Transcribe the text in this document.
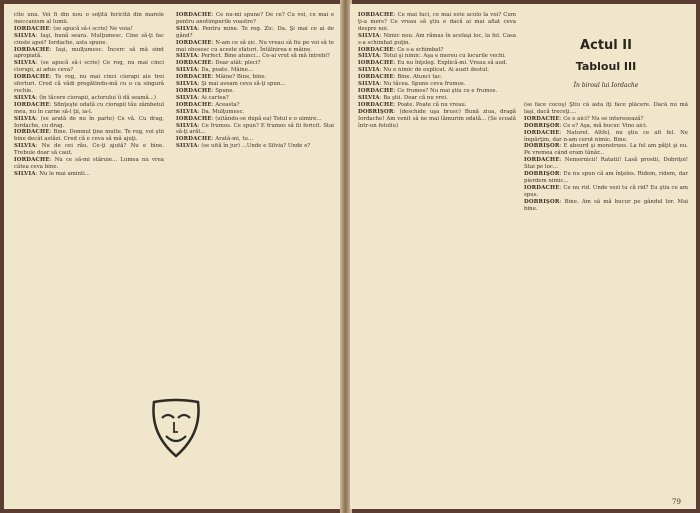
cite una. Vei fi din nou o soţită fericită din marele meccanism al lumii.

IORDACHE: (se apucă să-i scrie) Ne voia!

SILVIA: Iaşi, bună seara. Mulţumesc. Cine să-ţi fac cinste apoi? Iordache, asta spune.

IORDACHE: Iaşi, mulţumesc. Încerc să mă simt apropiată.

SILVIA: (se apucă să-i scrie) Ce rog, nu mai cinci ciorapi, ai adus ceva?

IORDACHE: Te rog, nu mai cinci ciorapi ale trei sferturi. Cred că vădi pregătindu-mă cu o ca singură rochie.

SILVIA: (în tăcere ciorapii, actorului îi dă seamă...)

IORDACHE: Sfinţeşte odată cu ciorapii tău zâmbetul meu, nu în carne să-l ţii, ia-l.

SILVIA: (se arată de nu în parte) Ce vă. Cu drag, Iordache, cu drag.

IORDACHE: Bine. Domnul ţine multe. Te rog, voi ştii bine decât astăzi. Cred că e ceva să mă ajuţi.

SILVIA: Nu de cei rău. Ce-ţi ajută? Nu e bine. Trebuie doar să caut.

IORDACHE: Nu ce să-mi stăruie... Lumea nu vrea câtea ceva bine.

SILVIA: Nu le mai aminti...

IORDACHE: Ce nu-mi spune? De ce? Cu voi, ce mai e pentru anotimpurile voastre?

SILVIA: Pentru mine. Te rog. Zic. Da. Şi mai ce ai de gând?

IORDACHE: N-am ce să zic. Nu vreau să fiu pe voi să te mai obosesc cu aceste sfaturi. Întâlnirea e mâine.

SILVIA: Perfect. Bine atunci... Ce-ai vrut să mă întrebi?

IORDACHE: Doar atât: pleci?

SILVIA: Da, poate. Mâine...

IORDACHE: Mâine? Bine, bine.

SILVIA: Şi mai aveam ceva să-ţi spun...

IORDACHE: Spune.

SILVIA: Ai cartea?

IORDACHE: Aceasta?

SILVIA: Da. Mulţumesc.

IORDACHE: (uitându-se după ea) Totul e o uimire...

SILVIA: Ce frumos. Ce spun? E frumos să fii fericit. Stai să-ţi arăt...

IORDACHE: Arată-mi, tu...

SILVIA: (se uită în jur) ...Unde e Silvia? Unde e?

IORDACHE: Ce mai faci, ce mai este acolo la voi? Cum ţi-a mers? Ce vreau să ştiu e dacă ai mai aflat ceva despre noi.

SILVIA: Nimic nou. Am rămas în acelaşi loc, la fel. Casa s-a schimbat puţin.

IORDACHE: Ce s-a schimbat?

SILVIA: Totul şi nimic. Aşa e mereu cu locurile vechi.

IORDACHE: Eu nu înţeleg. Explică-mi. Vreau să aud.

SILVIA: Nu e nimic de explicat. Ai auzit destul.

IORDACHE: Bine. Atunci tac.

SILVIA: Nu tăcea. Spune ceva frumos.

IORDACHE: Ce frumos? Nu mai ştiu ce e frumos.

SILVIA: Ba ştii. Doar că nu vrei.

IORDACHE: Poate. Poate că nu vreau.

DOBRIŞOR: (deschide uşa brusc) Bună ziua, dragă Iordache! Am venit să ne mai lămurim odată... (Se scoală într-un fotoliu)

Actul II
Tabloul III
În biroul lui Iordache

(se face cocoş) Ştiu că asta îţi face plăcere. Dacă nu mă laşi, dacă treceţi....

IORDACHE: Ce e aici? Nu se interesează?

DOBRIŞOR: Ce e? Aşa, mă bucur. Vino aici.

IORDACHE: Naturel. Altfel, nu ştiu ce alt fel. Ne împărţim, dar n-am cerut nimic. Bine.

DOBRIŞOR: E absurd şi monstruos. La fel am păţit şi eu. Pe vremea când eram tânăr...

IORDACHE: Nemernicii! Ratatii! Lasă prostii, Dobriţoi! Stai pe loc...

DOBRIŞOR: Eu nu spun că am înţeles. Ridem, ridem, dar pierdem nimic...

IORDACHE: Ce nu rid. Unde vezi tu că rid? Eu ştiu ce am spus.

DOBRIŞOR: Bine. Am să mă bucur pe gândul lor. Mai bine.

79
